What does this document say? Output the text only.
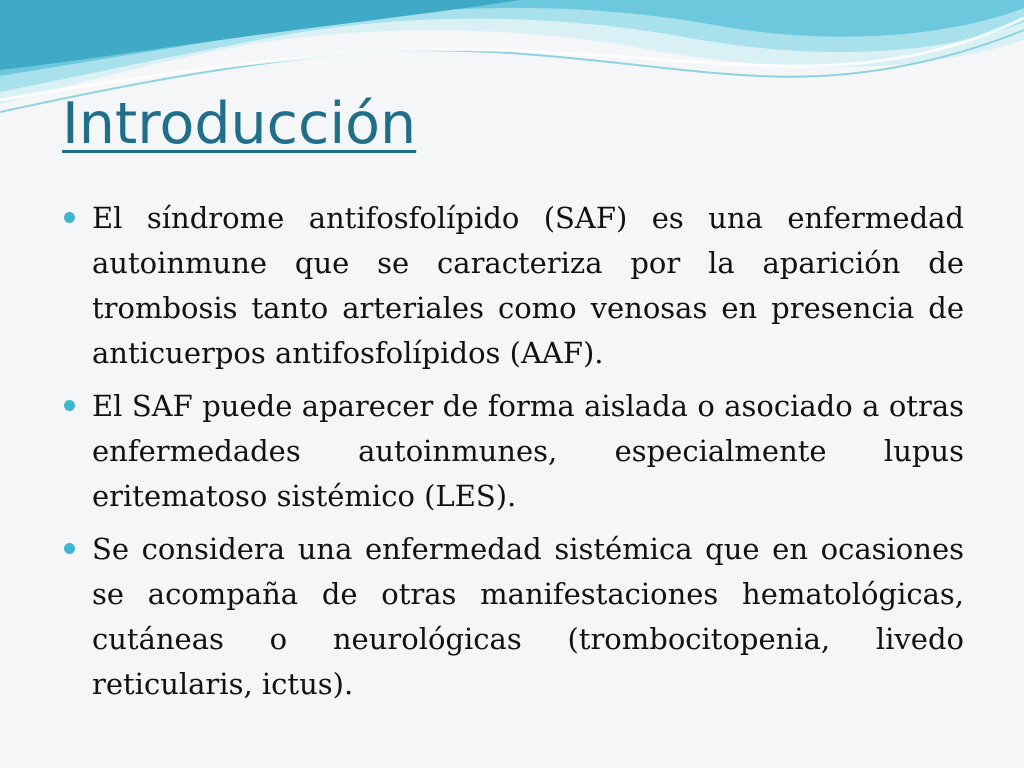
Introducción
El síndrome antifosfolípido (SAF) es una enfermedad autoinmune que se caracteriza por la aparición de trombosis tanto arteriales como venosas en presencia de anticuerpos antifosfolípidos (AAF).
El SAF puede aparecer de forma aislada o asociado a otras enfermedades autoinmunes, especialmente lupus eritematoso sistémico (LES).
Se considera una enfermedad sistémica que en ocasiones se acompaña de otras manifestaciones hematológicas, cutáneas o neurológicas (trombocitopenia, livedo reticularis, ictus).
